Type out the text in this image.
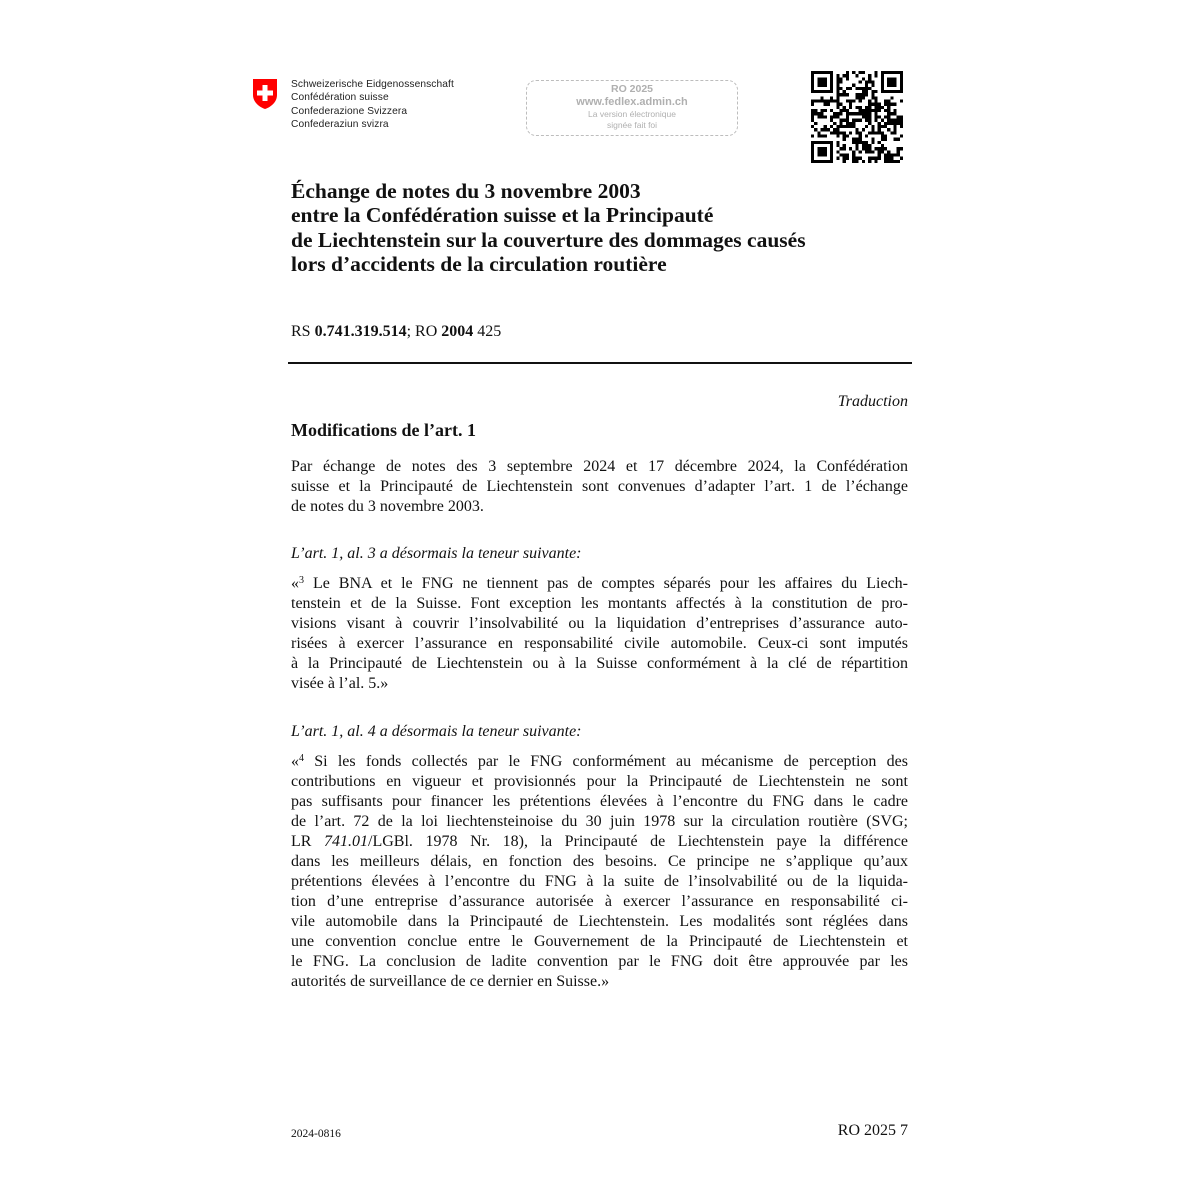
Schweizerische Eidgenossenschaft
Confédération suisse
Confederazione Svizzera
Confederaziun svizra
RO 2025
www.fedlex.admin.ch
La version électronique
signée fait foi
Échange de notes du 3 novembre 2003
entre la Confédération suisse et la Principauté
de Liechtenstein sur la couverture des dommages causés
lors d’accidents de la circulation routière
RS 0.741.319.514; RO 2004 425
Traduction
Modifications de l’art. 1
Par échange de notes des 3 septembre 2024 et 17 décembre 2024, la Confédération
suisse et la Principauté de Liechtenstein sont convenues d’adapter l’art. 1 de l’échange
de notes du 3 novembre 2003.
L’art. 1, al. 3 a désormais la teneur suivante:
«$^3$ Le BNA et le FNG ne tiennent pas de comptes séparés pour les affaires du Liech-
tenstein et de la Suisse. Font exception les montants affectés à la constitution de pro-
visions visant à couvrir l’insolvabilité ou la liquidation d’entreprises d’assurance auto-
risées à exercer l’assurance en responsabilité civile automobile. Ceux-ci sont imputés
à la Principauté de Liechtenstein ou à la Suisse conformément à la clé de répartition
visée à l’al. 5.»
L’art. 1, al. 4 a désormais la teneur suivante:
«$^4$ Si les fonds collectés par le FNG conformément au mécanisme de perception des
contributions en vigueur et provisionnés pour la Principauté de Liechtenstein ne sont
pas suffisants pour financer les prétentions élevées à l’encontre du FNG dans le cadre
de l’art. 72 de la loi liechtensteinoise du 30 juin 1978 sur la circulation routière (SVG;
LR 741.01/LGBl. 1978 Nr. 18), la Principauté de Liechtenstein paye la différence
dans les meilleurs délais, en fonction des besoins. Ce principe ne s’applique qu’aux
prétentions élevées à l’encontre du FNG à la suite de l’insolvabilité ou de la liquida-
tion d’une entreprise d’assurance autorisée à exercer l’assurance en responsabilité ci-
vile automobile dans la Principauté de Liechtenstein. Les modalités sont réglées dans
une convention conclue entre le Gouvernement de la Principauté de Liechtenstein et
le FNG. La conclusion de ladite convention par le FNG doit être approuvée par les
autorités de surveillance de ce dernier en Suisse.»
2024-0816	RO 2025 7
